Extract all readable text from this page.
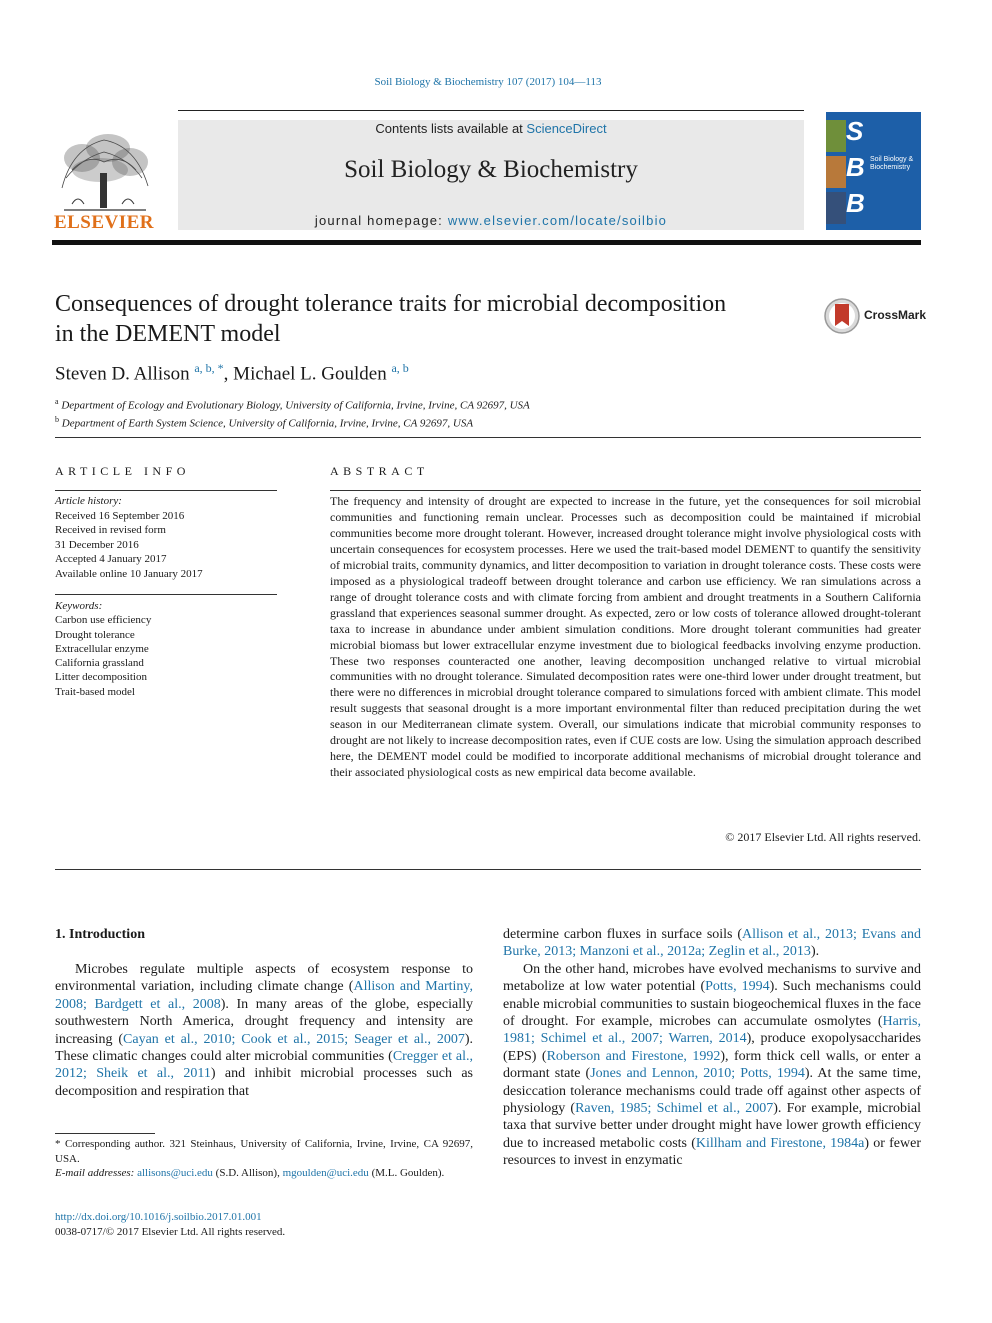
Soil Biology & Biochemistry 107 (2017) 104—113
ELSEVIER
Contents lists available at ScienceDirect
Soil Biology & Biochemistry
journal homepage: www.elsevier.com/locate/soilbio
S
B
B
Soil Biology & Biochemistry
Consequences of drought tolerance traits for microbial decomposition
in the DEMENT model
CrossMark
Steven D. Allison $^{a, b, *}$, Michael L. Goulden $^{a, b}$
$^a$ Department of Ecology and Evolutionary Biology, University of California, Irvine, Irvine, CA 92697, USA
$^b$ Department of Earth System Science, University of California, Irvine, Irvine, CA 92697, USA
ARTICLE INFO
Article history:
Received 16 September 2016
Received in revised form
31 December 2016
Accepted 4 January 2017
Available online 10 January 2017
Keywords:
Carbon use efficiency
Drought tolerance
Extracellular enzyme
California grassland
Litter decomposition
Trait-based model
ABSTRACT
The frequency and intensity of drought are expected to increase in the future, yet the consequences for soil microbial communities and functioning remain unclear. Processes such as decomposition could be maintained if microbial communities become more drought tolerant. However, increased drought tolerance might involve physiological costs with uncertain consequences for ecosystem processes. Here we used the trait-based model DEMENT to quantify the sensitivity of microbial traits, community dynamics, and litter decomposition to variation in drought tolerance costs. These costs were imposed as a physiological tradeoff between drought tolerance and carbon use efficiency. We ran simulations across a range of drought tolerance costs and with climate forcing from ambient and drought treatments in a Southern California grassland that experiences seasonal summer drought. As expected, zero or low costs of tolerance allowed drought-tolerant taxa to increase in abundance under ambient simulation conditions. More drought tolerant communities had greater microbial biomass but lower extracellular enzyme investment due to biological feedbacks involving enzyme production. These two responses counteracted one another, leaving decomposition unchanged relative to virtual microbial communities with no drought tolerance. Simulated decomposition rates were one-third lower under drought treatment, but there were no differences in microbial drought tolerance compared to simulations forced with ambient climate. This model result suggests that seasonal drought is a more important environmental filter than reduced precipitation during the wet season in our Mediterranean climate system. Overall, our simulations indicate that microbial community responses to drought are not likely to increase decomposition rates, even if CUE costs are low. Using the simulation approach described here, the DEMENT model could be modified to incorporate additional mechanisms of microbial drought tolerance and their associated physiological costs as new empirical data become available.
© 2017 Elsevier Ltd. All rights reserved.
1. Introduction
Microbes regulate multiple aspects of ecosystem response to environmental variation, including climate change (Allison and Martiny, 2008; Bardgett et al., 2008). In many areas of the globe, especially southwestern North America, drought frequency and intensity are increasing (Cayan et al., 2010; Cook et al., 2015; Seager et al., 2007). These climatic changes could alter microbial communities (Cregger et al., 2012; Sheik et al., 2011) and inhibit microbial processes such as decomposition and respiration that
determine carbon fluxes in surface soils (Allison et al., 2013; Evans and Burke, 2013; Manzoni et al., 2012a; Zeglin et al., 2013).
On the other hand, microbes have evolved mechanisms to survive and metabolize at low water potential (Potts, 1994). Such mechanisms could enable microbial communities to sustain biogeochemical fluxes in the face of drought. For example, microbes can accumulate osmolytes (Harris, 1981; Schimel et al., 2007; Warren, 2014), produce exopolysaccharides (EPS) (Roberson and Firestone, 1992), form thick cell walls, or enter a dormant state (Jones and Lennon, 2010; Potts, 1994). At the same time, desiccation tolerance mechanisms could trade off against other aspects of physiology (Raven, 1985; Schimel et al., 2007). For example, microbial taxa that survive better under drought might have lower growth efficiency due to increased metabolic costs (Killham and Firestone, 1984a) or fewer resources to invest in enzymatic
* Corresponding author. 321 Steinhaus, University of California, Irvine, Irvine, CA 92697, USA.
E-mail addresses: allisons@uci.edu (S.D. Allison), mgoulden@uci.edu (M.L. Goulden).
http://dx.doi.org/10.1016/j.soilbio.2017.01.001
0038-0717/© 2017 Elsevier Ltd. All rights reserved.
